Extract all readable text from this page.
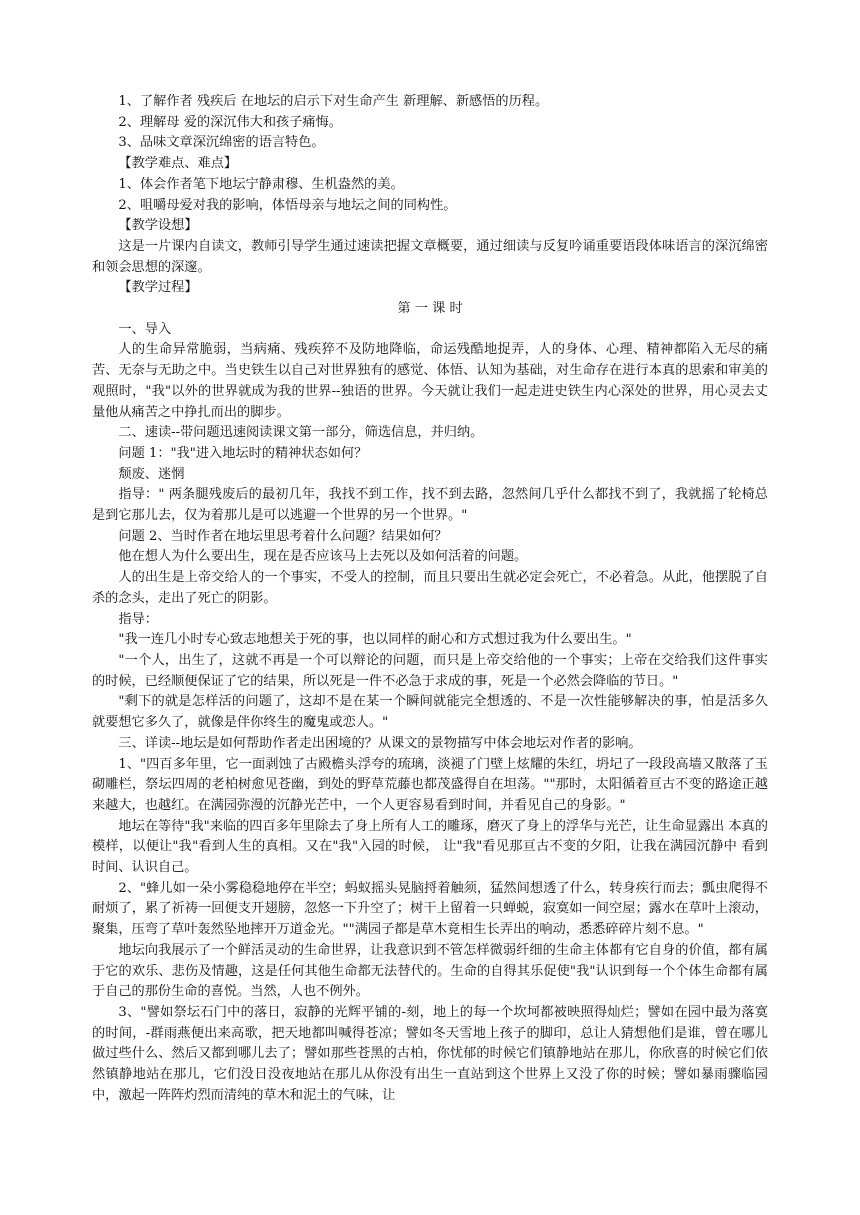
1、了解作者 残疾后 在地坛的启示下对生命产生 新理解、新感悟的历程。

2、理解母 爱的深沉伟大和孩子痛悔。

3、品味文章深沉绵密的语言特色。

【教学难点、难点】

1、体会作者笔下地坛宁静肃穆、生机盎然的美。

2、咀嚼母爱对我的影响，体悟母亲与地坛之间的同构性。

【教学设想】

这是一片课内自读文，教师引导学生通过速读把握文章概要，通过细读与反复吟诵重要语段体味语言的深沉绵密和领会思想的深邃。

【教学过程】

第 一 课 时

一、导入

人的生命异常脆弱，当病痛、残疾猝不及防地降临，命运残酷地捉弄，人的身体、心理、精神都陷入无尽的痛苦、无奈与无助之中。当史铁生以自己对世界独有的感觉、体悟、认知为基础，对生命存在进行本真的思索和审美的观照时，"我"以外的世界就成为我的世界--独语的世界。今天就让我们一起走进史铁生内心深处的世界，用心灵去丈量他从痛苦之中挣扎而出的脚步。

二、速读--带问题迅速阅读课文第一部分，筛选信息，并归纳。

问题 1："我"进入地坛时的精神状态如何？

颓废、迷惘

指导：" 两条腿残废后的最初几年，我找不到工作，找不到去路，忽然间几乎什么都找不到了，我就摇了轮椅总是到它那儿去，仅为着那儿是可以逃避一个世界的另一个世界。"

问题 2、当时作者在地坛里思考着什么问题？结果如何？

他在想人为什么要出生，现在是否应该马上去死以及如何活着的问题。

人的出生是上帝交给人的一个事实，不受人的控制，而且只要出生就必定会死亡，不必着急。从此，他摆脱了自杀的念头，走出了死亡的阴影。

指导：

"我一连几小时专心致志地想关于死的事，也以同样的耐心和方式想过我为什么要出生。"

"一个人，出生了，这就不再是一个可以辩论的问题，而只是上帝交给他的一个事实；上帝在交给我们这件事实的时候，已经顺便保证了它的结果，所以死是一件不必急于求成的事，死是一个必然会降临的节日。"

"剩下的就是怎样活的问题了，这却不是在某一个瞬间就能完全想透的、不是一次性能够解决的事，怕是活多久就要想它多久了，就像是伴你终生的魔鬼或恋人。"

三、详读--地坛是如何帮助作者走出困境的？从课文的景物描写中体会地坛对作者的影响。

1、"四百多年里，它一面剥蚀了古殿檐头浮夸的琉璃，淡褪了门壁上炫耀的朱红，坍圮了一段段高墙又散落了玉砌雕栏，祭坛四周的老柏树愈见苍幽，到处的野草荒藤也都茂盛得自在坦荡。""那时，太阳循着亘古不变的路途正越来越大，也越红。在满园弥漫的沉静光芒中，一个人更容易看到时间，并看见自己的身影。"

地坛在等待"我"来临的四百多年里除去了身上所有人工的雕琢，磨灭了身上的浮华与光芒，让生命显露出 本真的模样，以便让"我"看到人生的真相。又在"我"入园的时候， 让"我"看见那亘古不变的夕阳，让我在满园沉静中 看到时间、认识自己。

2、"蜂儿如一朵小雾稳稳地停在半空；蚂蚁摇头晃脑捋着触须，猛然间想透了什么，转身疾行而去；瓢虫爬得不耐烦了，累了祈祷一回便支开翅膀，忽悠一下升空了；树干上留着一只蝉蜕，寂寞如一间空屋；露水在草叶上滚动，聚集，压弯了草叶轰然坠地摔开万道金光。""满园子都是草木竟相生长弄出的响动，悉悉碎碎片刻不息。"

地坛向我展示了一个鲜活灵动的生命世界，让我意识到不管怎样微弱纤细的生命主体都有它自身的价值，都有属于它的欢乐、悲伤及情趣，这是任何其他生命都无法替代的。生命的自得其乐促使"我"认识到每一个个体生命都有属于自己的那份生命的喜悦。当然，人也不例外。

3、"譬如祭坛石门中的落日，寂静的光辉平铺的-刻，地上的每一个坎坷都被映照得灿烂；譬如在园中最为落寞的时间，-群雨燕便出来高歌，把天地都叫喊得苍凉；譬如冬天雪地上孩子的脚印，总让人猜想他们是谁，曾在哪儿做过些什么、然后又都到哪儿去了；譬如那些苍黑的古柏，你忧郁的时候它们镇静地站在那儿，你欣喜的时候它们依然镇静地站在那儿，它们没日没夜地站在那儿从你没有出生一直站到这个世界上又没了你的时候；譬如暴雨骤临园中，激起一阵阵灼烈而清纯的草木和泥土的气味，让
